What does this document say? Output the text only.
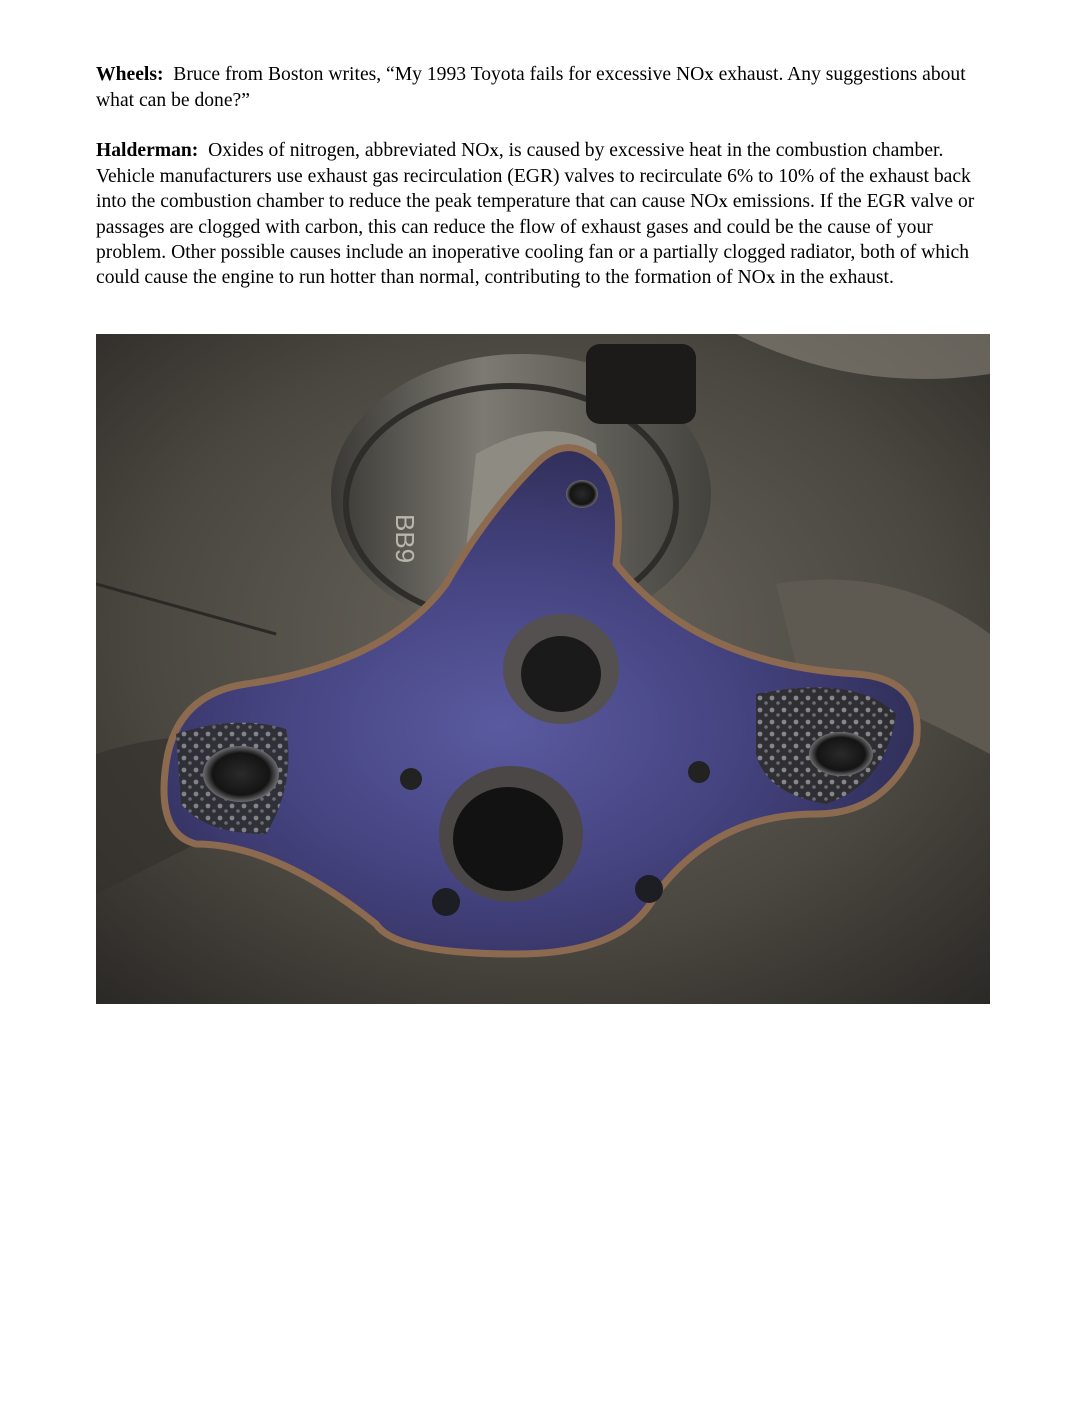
Wheels: Bruce from Boston writes, “My 1993 Toyota fails for excessive NOX exhaust. Any suggestions about what can be done?”

Halderman: Oxides of nitrogen, abbreviated NOX, is caused by excessive heat in the combustion chamber. Vehicle manufacturers use exhaust gas recirculation (EGR) valves to recirculate 6% to 10% of the exhaust back into the combustion chamber to reduce the peak temperature that can cause NOX emissions. If the EGR valve or passages are clogged with carbon, this can reduce the flow of exhaust gases and could be the cause of your problem. Other possible causes include an inoperative cooling fan or a partially clogged radiator, both of which could cause the engine to run hotter than normal, contributing to the formation of NOX in the exhaust.

BB9
